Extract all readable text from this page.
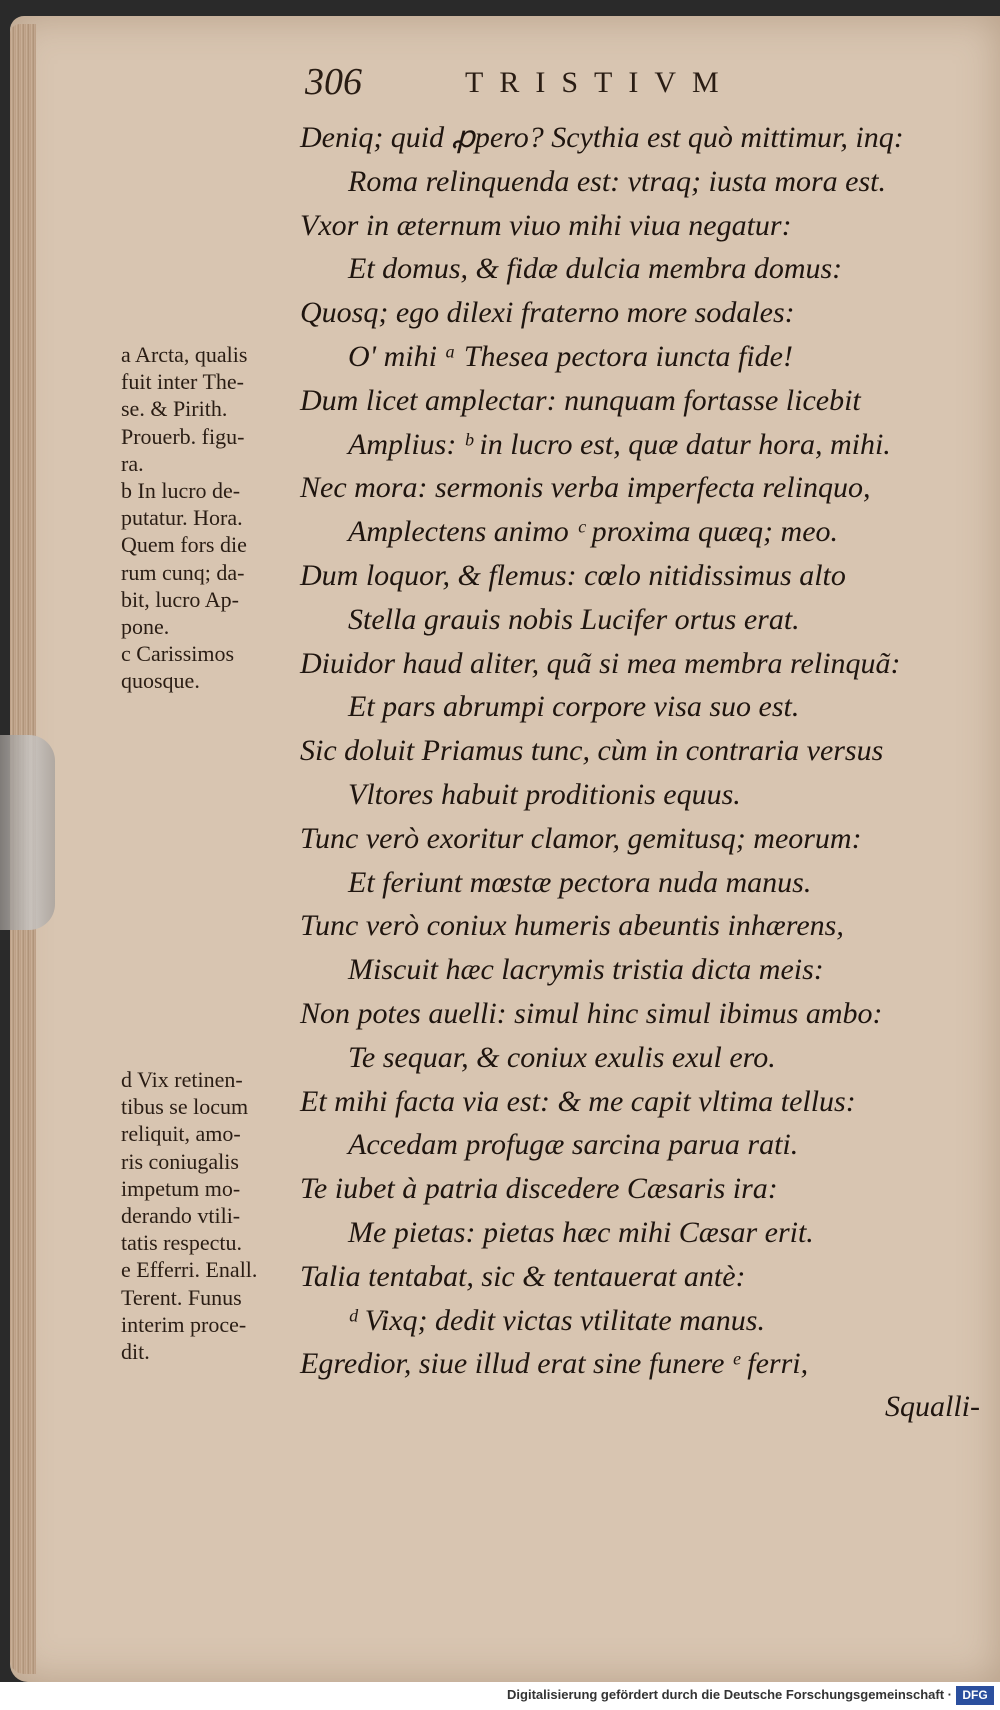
306	TRISTIVM
Deniq; quid ꝓpero? Scythia est quò mittimur, inq:
Roma relinquenda est: vtraq; iusta mora est.
Vxor in æternum viuo mihi viua negatur:
Et domus, & fidæ dulcia membra domus:
Quosq; ego dilexi fraterno more sodales:
O' mihi ᵃ Thesea pectora iuncta fide!
Dum licet amplectar: nunquam fortasse licebit
Amplius: ᵇ in lucro est, quæ datur hora, mihi.
Nec mora: sermonis verba imperfecta relinquo,
Amplectens animo ᶜ proxima quæq; meo.
Dum loquor, & flemus: cœlo nitidissimus alto
Stella grauis nobis Lucifer ortus erat.
Diuidor haud aliter, quã si mea membra relinquã:
Et pars abrumpi corpore visa suo est.
Sic doluit Priamus tunc, cùm in contraria versus
Vltores habuit proditionis equus.
Tunc verò exoritur clamor, gemitusq; meorum:
Et feriunt mœstæ pectora nuda manus.
Tunc verò coniux humeris abeuntis inhærens,
Miscuit hæc lacrymis tristia dicta meis:
Non potes auelli: simul hinc simul ibimus ambo:
Te sequar, & coniux exulis exul ero.
Et mihi facta via est: & me capit vltima tellus:
Accedam profugæ sarcina parua rati.
Te iubet à patria discedere Cæsaris ira:
Me pietas: pietas hæc mihi Cæsar erit.
Talia tentabat, sic & tentauerat antè:
ᵈ Vixq; dedit victas vtilitate manus.
Egredior, siue illud erat sine funere ᵉ ferri,
a Arcta, qualis
fuit inter The-
se. & Pirith.
Prouerb. figu-
ra.
b In lucro de-
putatur. Hora.
Quem fors die
rum cunq; da-
bit, lucro Ap-
pone.
c Carissimos
quosque.
d Vix retinen-
tibus se locum
reliquit, amo-
ris coniugalis
impetum mo-
derando vtili-
tatis respectu.
e Efferri. Enall.
Terent. Funus
interim proce-
dit.
Squalli-
Digitalisierung gefördert durch die Deutsche Forschungsgemeinschaft · DFG
